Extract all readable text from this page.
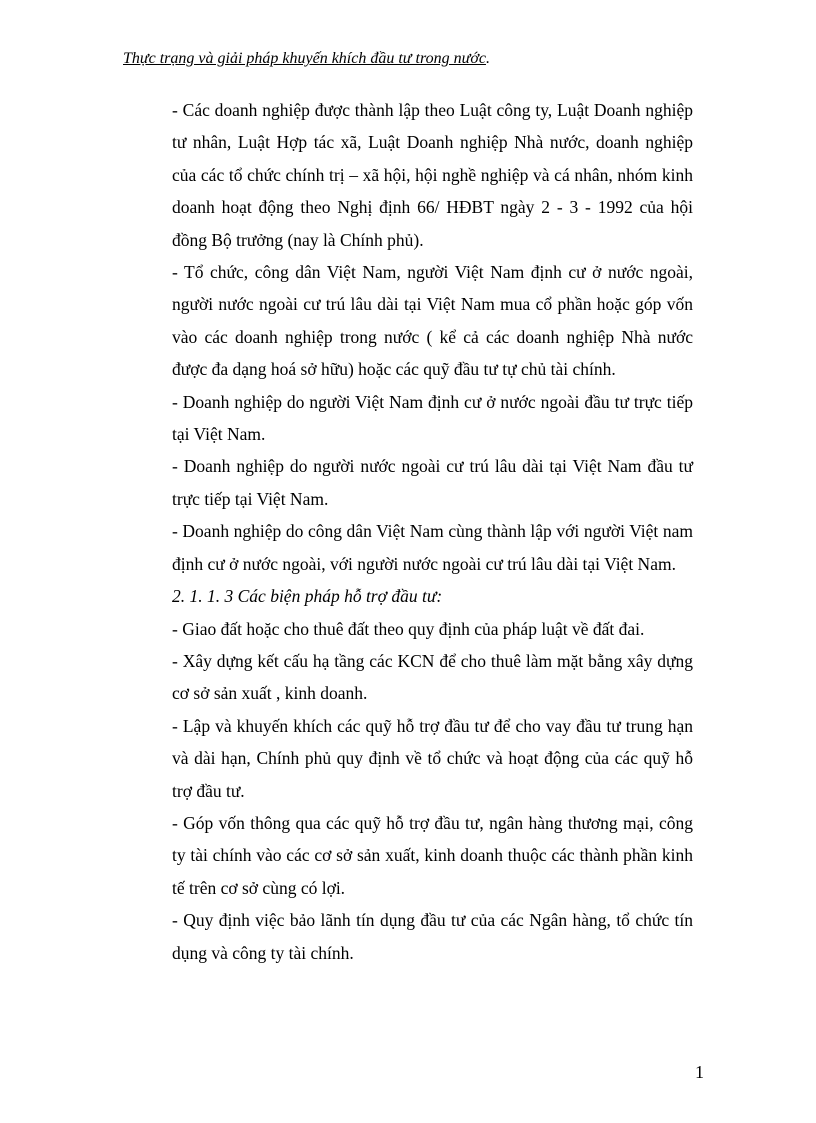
Thực trạng và giải pháp khuyến khích đầu tư trong nước.

- Các doanh nghiệp được thành lập theo Luật công ty, Luật Doanh nghiệp tư nhân, Luật Hợp tác xã, Luật Doanh nghiệp Nhà nước, doanh nghiệp của các tổ chức chính trị – xã hội, hội nghề nghiệp và cá nhân, nhóm kinh doanh hoạt động theo Nghị định 66/ HĐBT ngày 2 - 3 - 1992 của hội đồng Bộ trưởng (nay là Chính phủ).

- Tổ chức, công dân Việt Nam, người Việt Nam định cư ở nước ngoài, người nước ngoài cư trú lâu dài tại Việt Nam mua cổ phần hoặc góp vốn vào các doanh nghiệp trong nước ( kể cả các doanh nghiệp Nhà nước được đa dạng hoá sở hữu) hoặc các quỹ đầu tư tự chủ tài chính.

- Doanh nghiệp do người Việt Nam định cư ở nước ngoài đầu tư trực tiếp tại Việt Nam.

- Doanh nghiệp do người nước ngoài cư trú lâu dài tại Việt Nam đầu tư trực tiếp tại Việt Nam.

- Doanh nghiệp do công dân Việt Nam cùng thành lập với người Việt nam định cư ở nước ngoài, với người nước ngoài cư trú lâu dài tại Việt Nam.

2. 1. 1. 3 Các biện pháp hỗ trợ đầu tư:

- Giao đất hoặc cho thuê đất theo quy định của pháp luật về đất đai.

- Xây dựng kết cấu hạ tầng các KCN để cho thuê làm mặt bằng xây dựng cơ sở sản xuất , kinh doanh.

- Lập và khuyến khích các quỹ hỗ trợ đầu tư để cho vay đầu tư trung hạn và dài hạn, Chính phủ quy định về tổ chức và hoạt động của các quỹ hỗ trợ đầu tư.

- Góp vốn thông qua các quỹ hỗ trợ đầu tư, ngân hàng thương mại, công ty tài chính vào các cơ sở sản xuất, kinh doanh thuộc các thành phần kinh tế trên cơ sở cùng có lợi.

- Quy định việc bảo lãnh tín dụng đầu tư của các Ngân hàng, tổ chức tín dụng và công ty tài chính.

1
